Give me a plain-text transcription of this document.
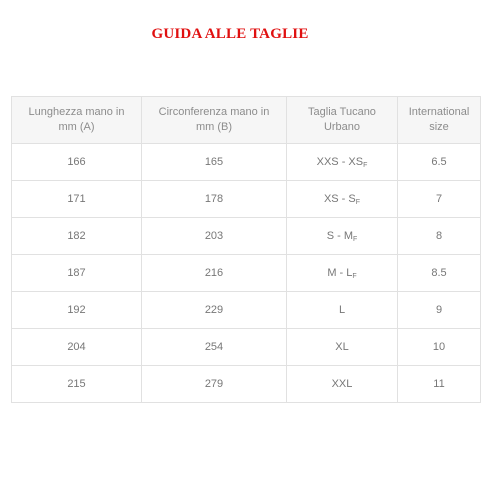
GUIDA ALLE TAGLIE
Lunghezza mano in mm (A)	Circonferenza mano in mm (B)	Taglia Tucano Urbano	International size
166	165	XXS - $XS_F$	6.5
171	178	XS - $S_F$	7
182	203	S - $M_F$	8
187	216	M - $L_F$	8.5
192	229	L	9
204	254	XL	10
215	279	XXL	11
